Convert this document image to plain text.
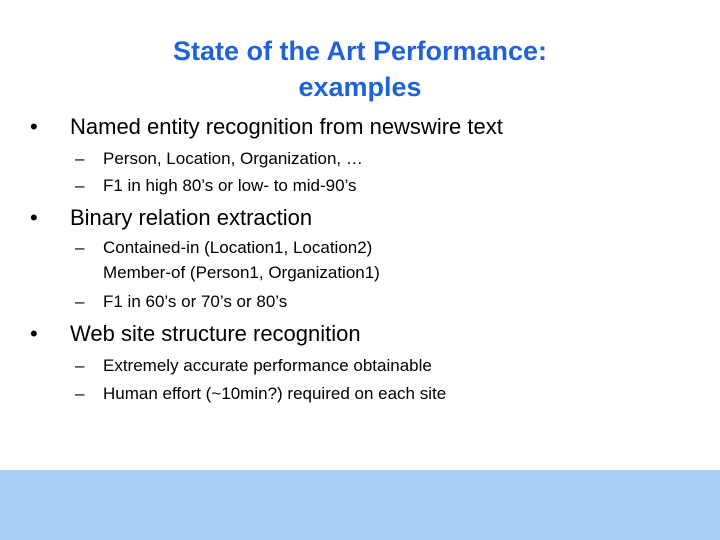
State of the Art Performance:
examples
• Named entity recognition from newswire text
– Person, Location, Organization, …
– F1 in high 80’s or low- to mid-90’s
• Binary relation extraction
– Contained-in (Location1, Location2)
Member-of (Person1, Organization1)
– F1 in 60’s or 70’s or 80’s
• Web site structure recognition
– Extremely accurate performance obtainable
– Human effort (~10min?) required on each site
